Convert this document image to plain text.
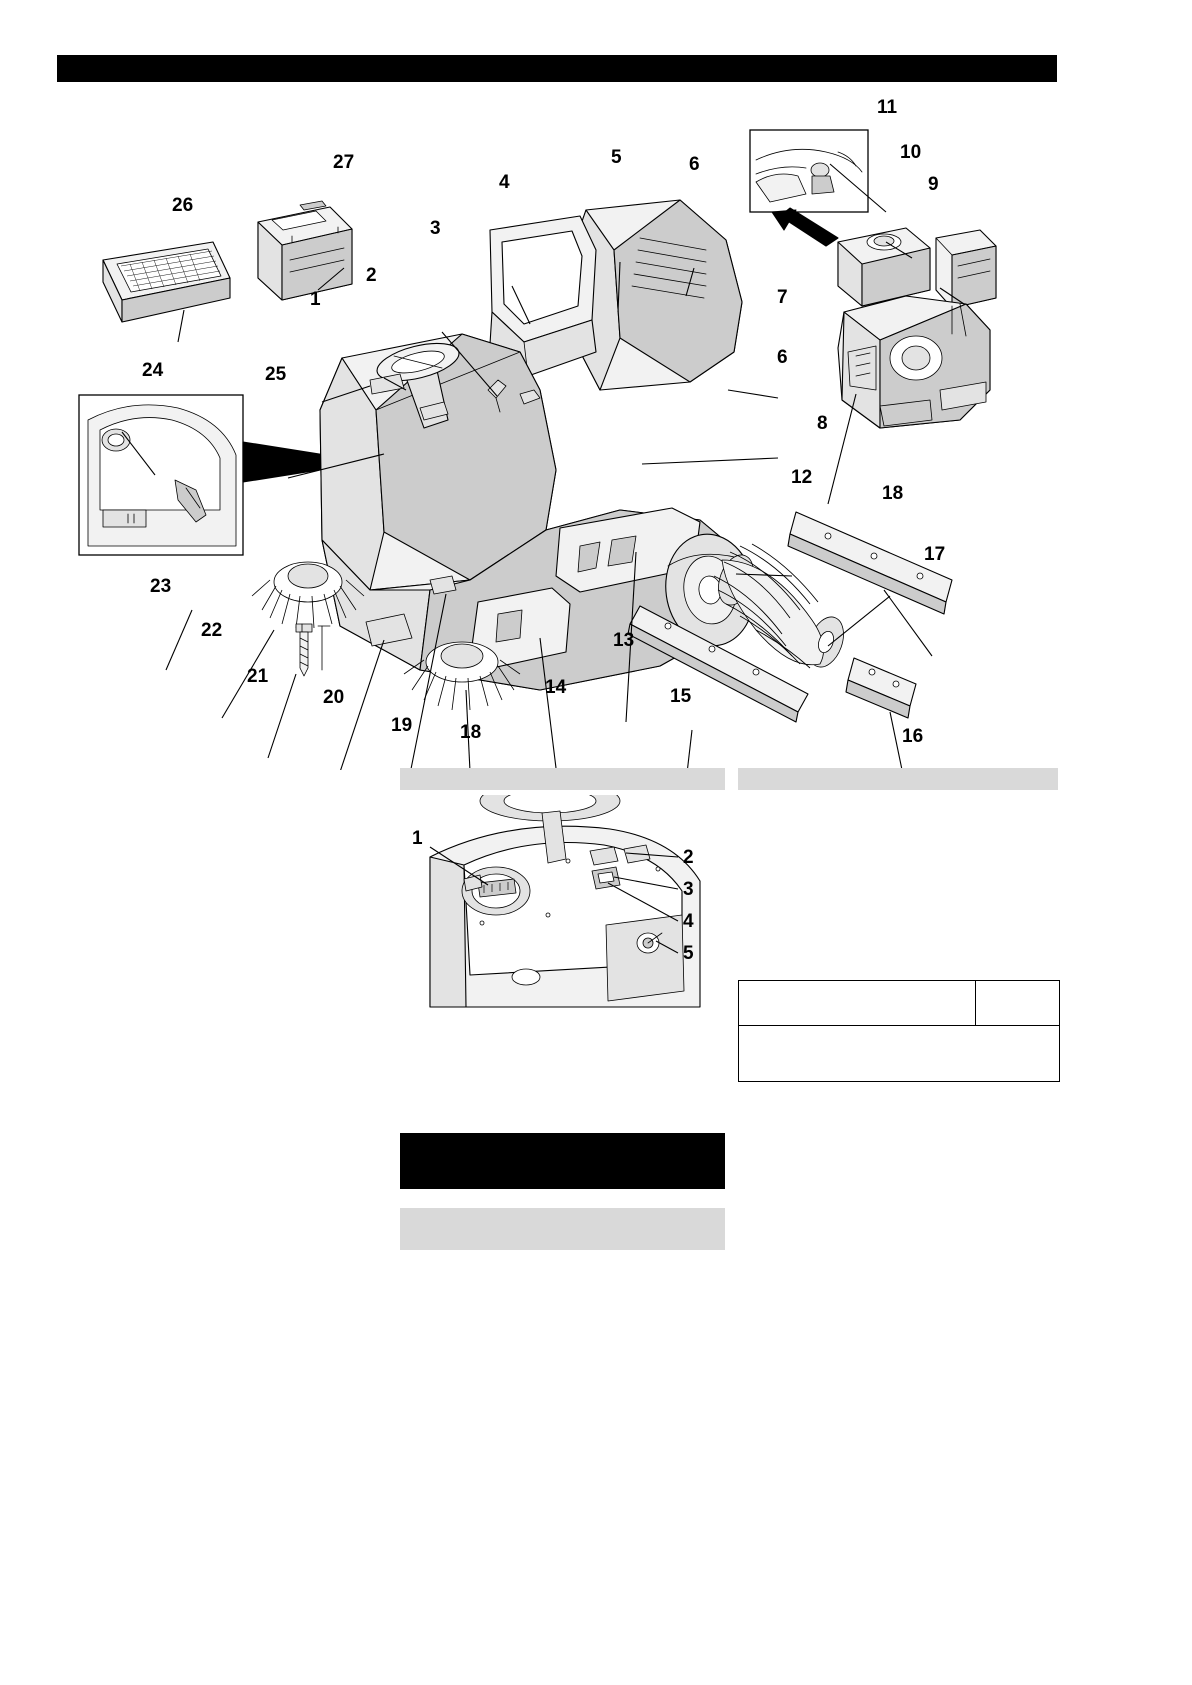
26
27
24
23
25
22
21
20
19	18
1
2
3
4
5	6
7
6
8
9
10
11
12
13
14	15
16
17
18
1
2
3
4
5
